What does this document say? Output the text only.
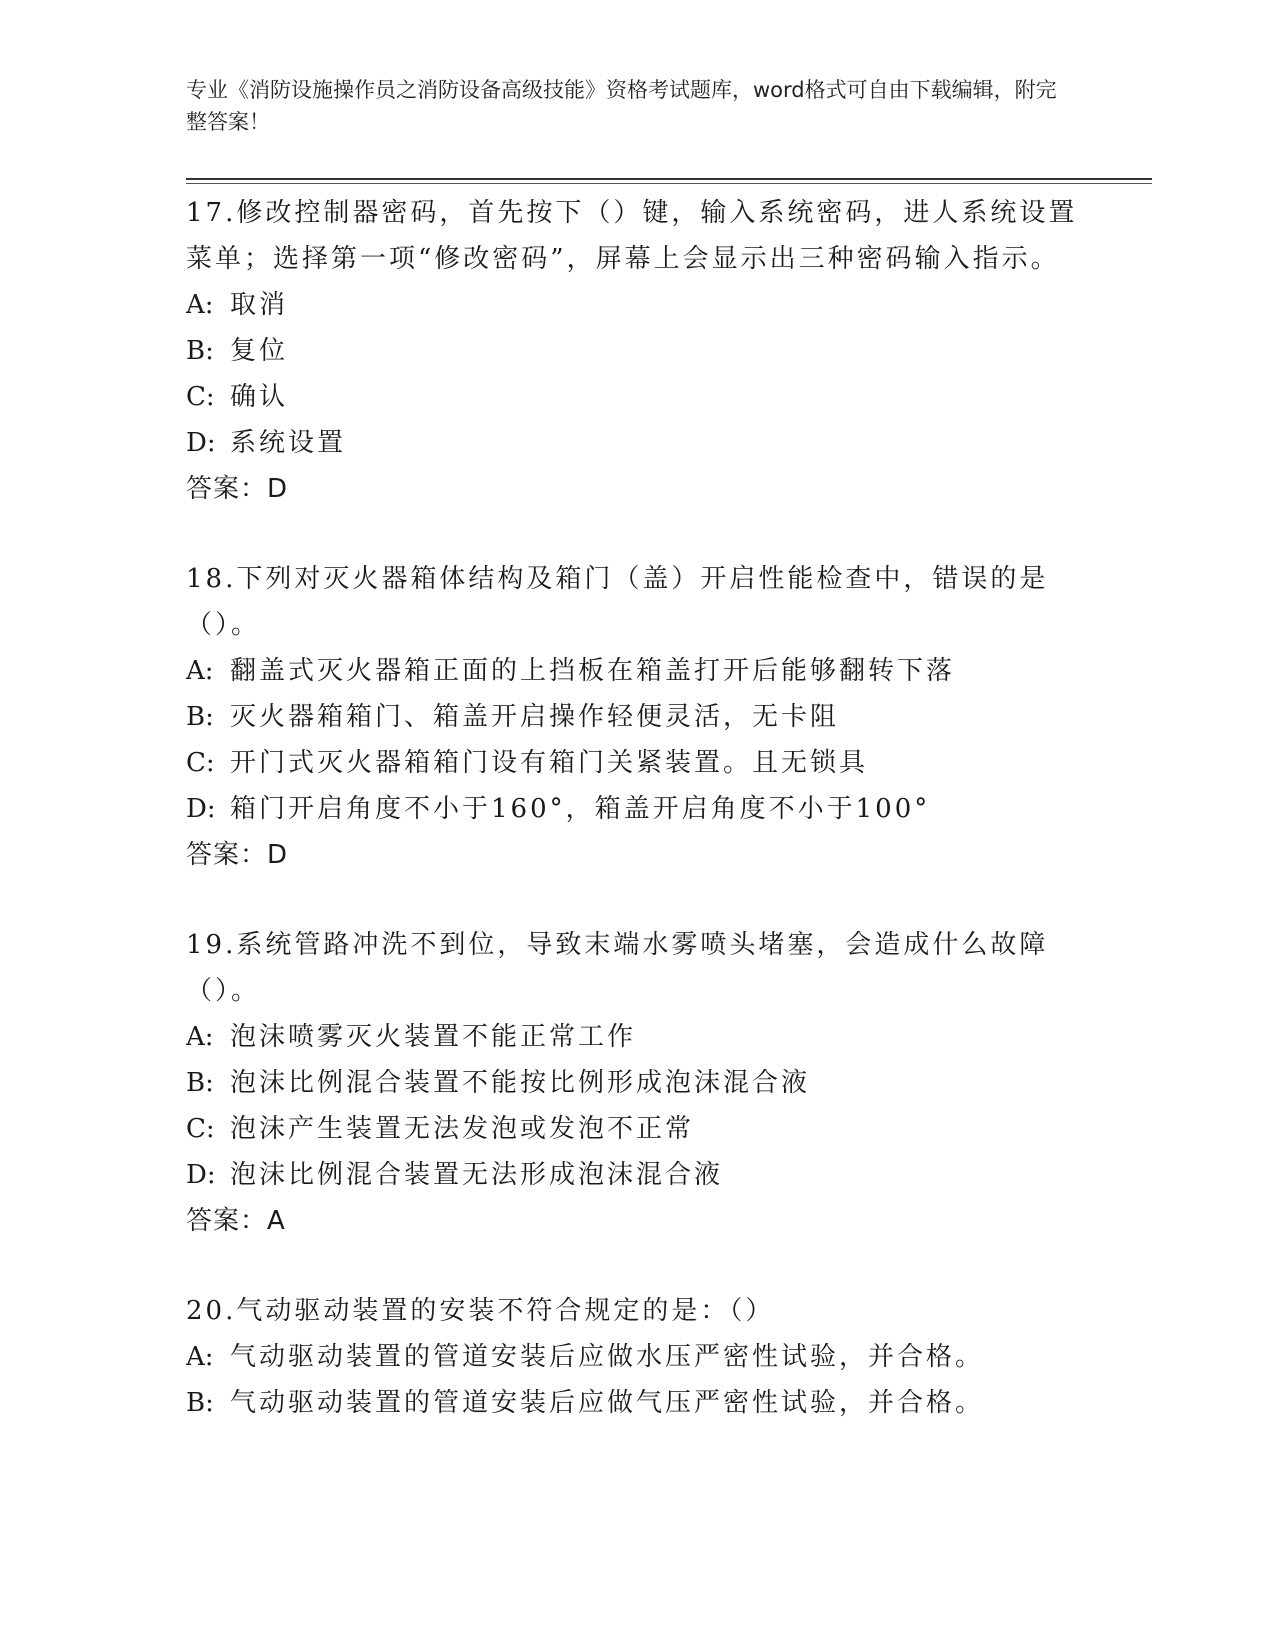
专业《消防设施操作员之消防设备高级技能》资格考试题库，word格式可自由下载编辑，附完整答案！

17.修改控制器密码，首先按下（）键，输入系统密码，进人系统设置菜单；选择第一项“修改密码”，屏幕上会显示出三种密码输入指示。

A: 取消

B: 复位

C: 确认

D: 系统设置

答案：D

18.下列对灭火器箱体结构及箱门（盖）开启性能检查中，错误的是（）。

A: 翻盖式灭火器箱正面的上挡板在箱盖打开后能够翻转下落

B: 灭火器箱箱门、箱盖开启操作轻便灵活，无卡阻

C: 开门式灭火器箱箱门设有箱门关紧装置。且无锁具

D: 箱门开启角度不小于160°，箱盖开启角度不小于100°

答案：D

19.系统管路冲洗不到位，导致末端水雾喷头堵塞，会造成什么故障（）。

A: 泡沫喷雾灭火装置不能正常工作

B: 泡沫比例混合装置不能按比例形成泡沫混合液

C: 泡沫产生装置无法发泡或发泡不正常

D: 泡沫比例混合装置无法形成泡沫混合液

答案：A

20.气动驱动装置的安装不符合规定的是：（）

A: 气动驱动装置的管道安装后应做水压严密性试验，并合格。

B: 气动驱动装置的管道安装后应做气压严密性试验，并合格。
